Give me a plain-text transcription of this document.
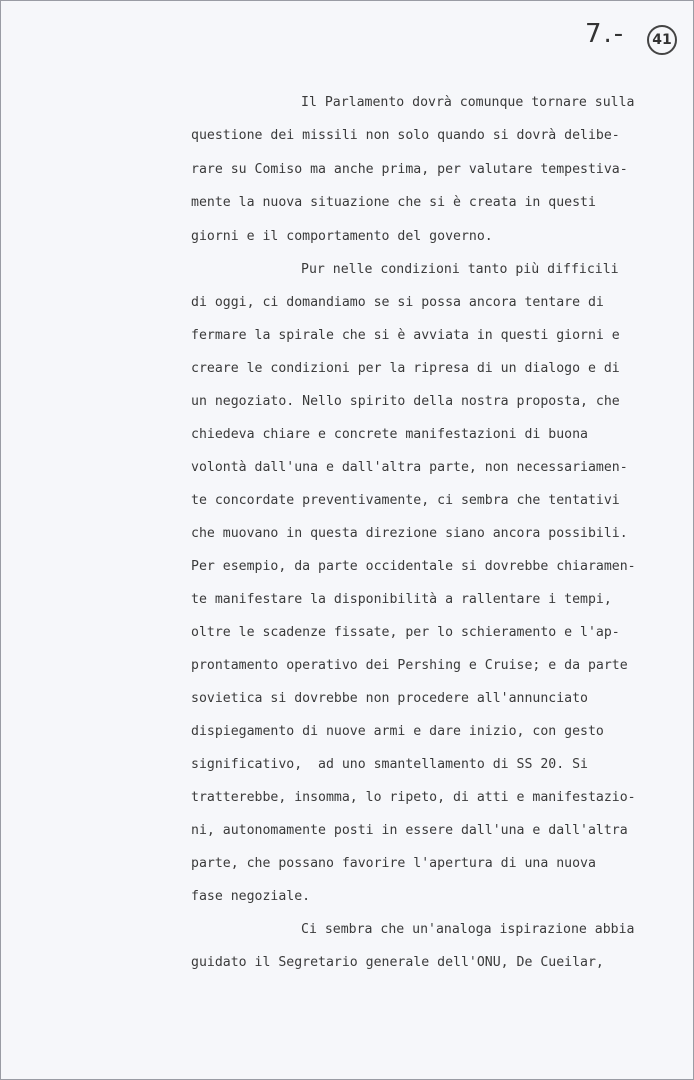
7.-	41
Il Parlamento dovrà comunque tornare sulla
questione dei missili non solo quando si dovrà delibe-
rare su Comiso ma anche prima, per valutare tempestiva-
mente la nuova situazione che si è creata in questi
giorni e il comportamento del governo.
Pur nelle condizioni tanto più difficili
di oggi, ci domandiamo se si possa ancora tentare di
fermare la spirale che si è avviata in questi giorni e
creare le condizioni per la ripresa di un dialogo e di
un negoziato. Nello spirito della nostra proposta, che
chiedeva chiare e concrete manifestazioni di buona
volontà dall'una e dall'altra parte, non necessariamen-
te concordate preventivamente, ci sembra che tentativi
che muovano in questa direzione siano ancora possibili.
Per esempio, da parte occidentale si dovrebbe chiaramen-
te manifestare la disponibilità a rallentare i tempi,
oltre le scadenze fissate, per lo schieramento e l'ap-
prontamento operativo dei Pershing e Cruise; e da parte
sovietica si dovrebbe non procedere all'annunciato
dispiegamento di nuove armi e dare inizio, con gesto
significativo,  ad uno smantellamento di SS 20. Si
tratterebbe, insomma, lo ripeto, di atti e manifestazio-
ni, autonomamente posti in essere dall'una e dall'altra
parte, che possano favorire l'apertura di una nuova
fase negoziale.
Ci sembra che un'analoga ispirazione abbia
guidato il Segretario generale dell'ONU, De Cueilar,
